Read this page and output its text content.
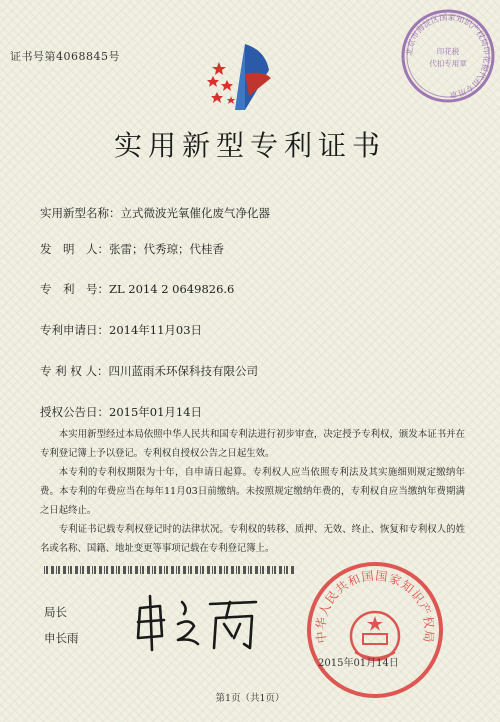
证书号第4068845号	北京市海淀区国家知识产权局印花税代扣专用章
印花税
代扣专用章
实用新型专利证书
实用新型名称：立式微波光氧催化废气净化器
发　明　人：张雷；代秀琼；代桂香
专　利　号：ZL 2014 2 0649826.6
专利申请日：2014年11月03日
专 利 权 人：四川蓝雨禾环保科技有限公司
授权公告日：2015年01月14日

本实用新型经过本局依照中华人民共和国专利法进行初步审查，决定授予专利权，颁发本证书并在专利登记簿上予以登记。专利权自授权公告之日起生效。

本专利的专利权期限为十年，自申请日起算。专利权人应当依照专利法及其实施细则规定缴纳年费。本专利的年费应当在每年11月03日前缴纳。未按照规定缴纳年费的，专利权自应当缴纳年费期满之日起终止。

专利证书记载专利权登记时的法律状况。专利权的转移、质押、无效、终止、恢复和专利权人的姓名或名称、国籍、地址变更等事项记载在专利登记簿上。

局长
申长雨	中华人民共和国国家知识产权局
2015年01月14日
第1页（共1页）
